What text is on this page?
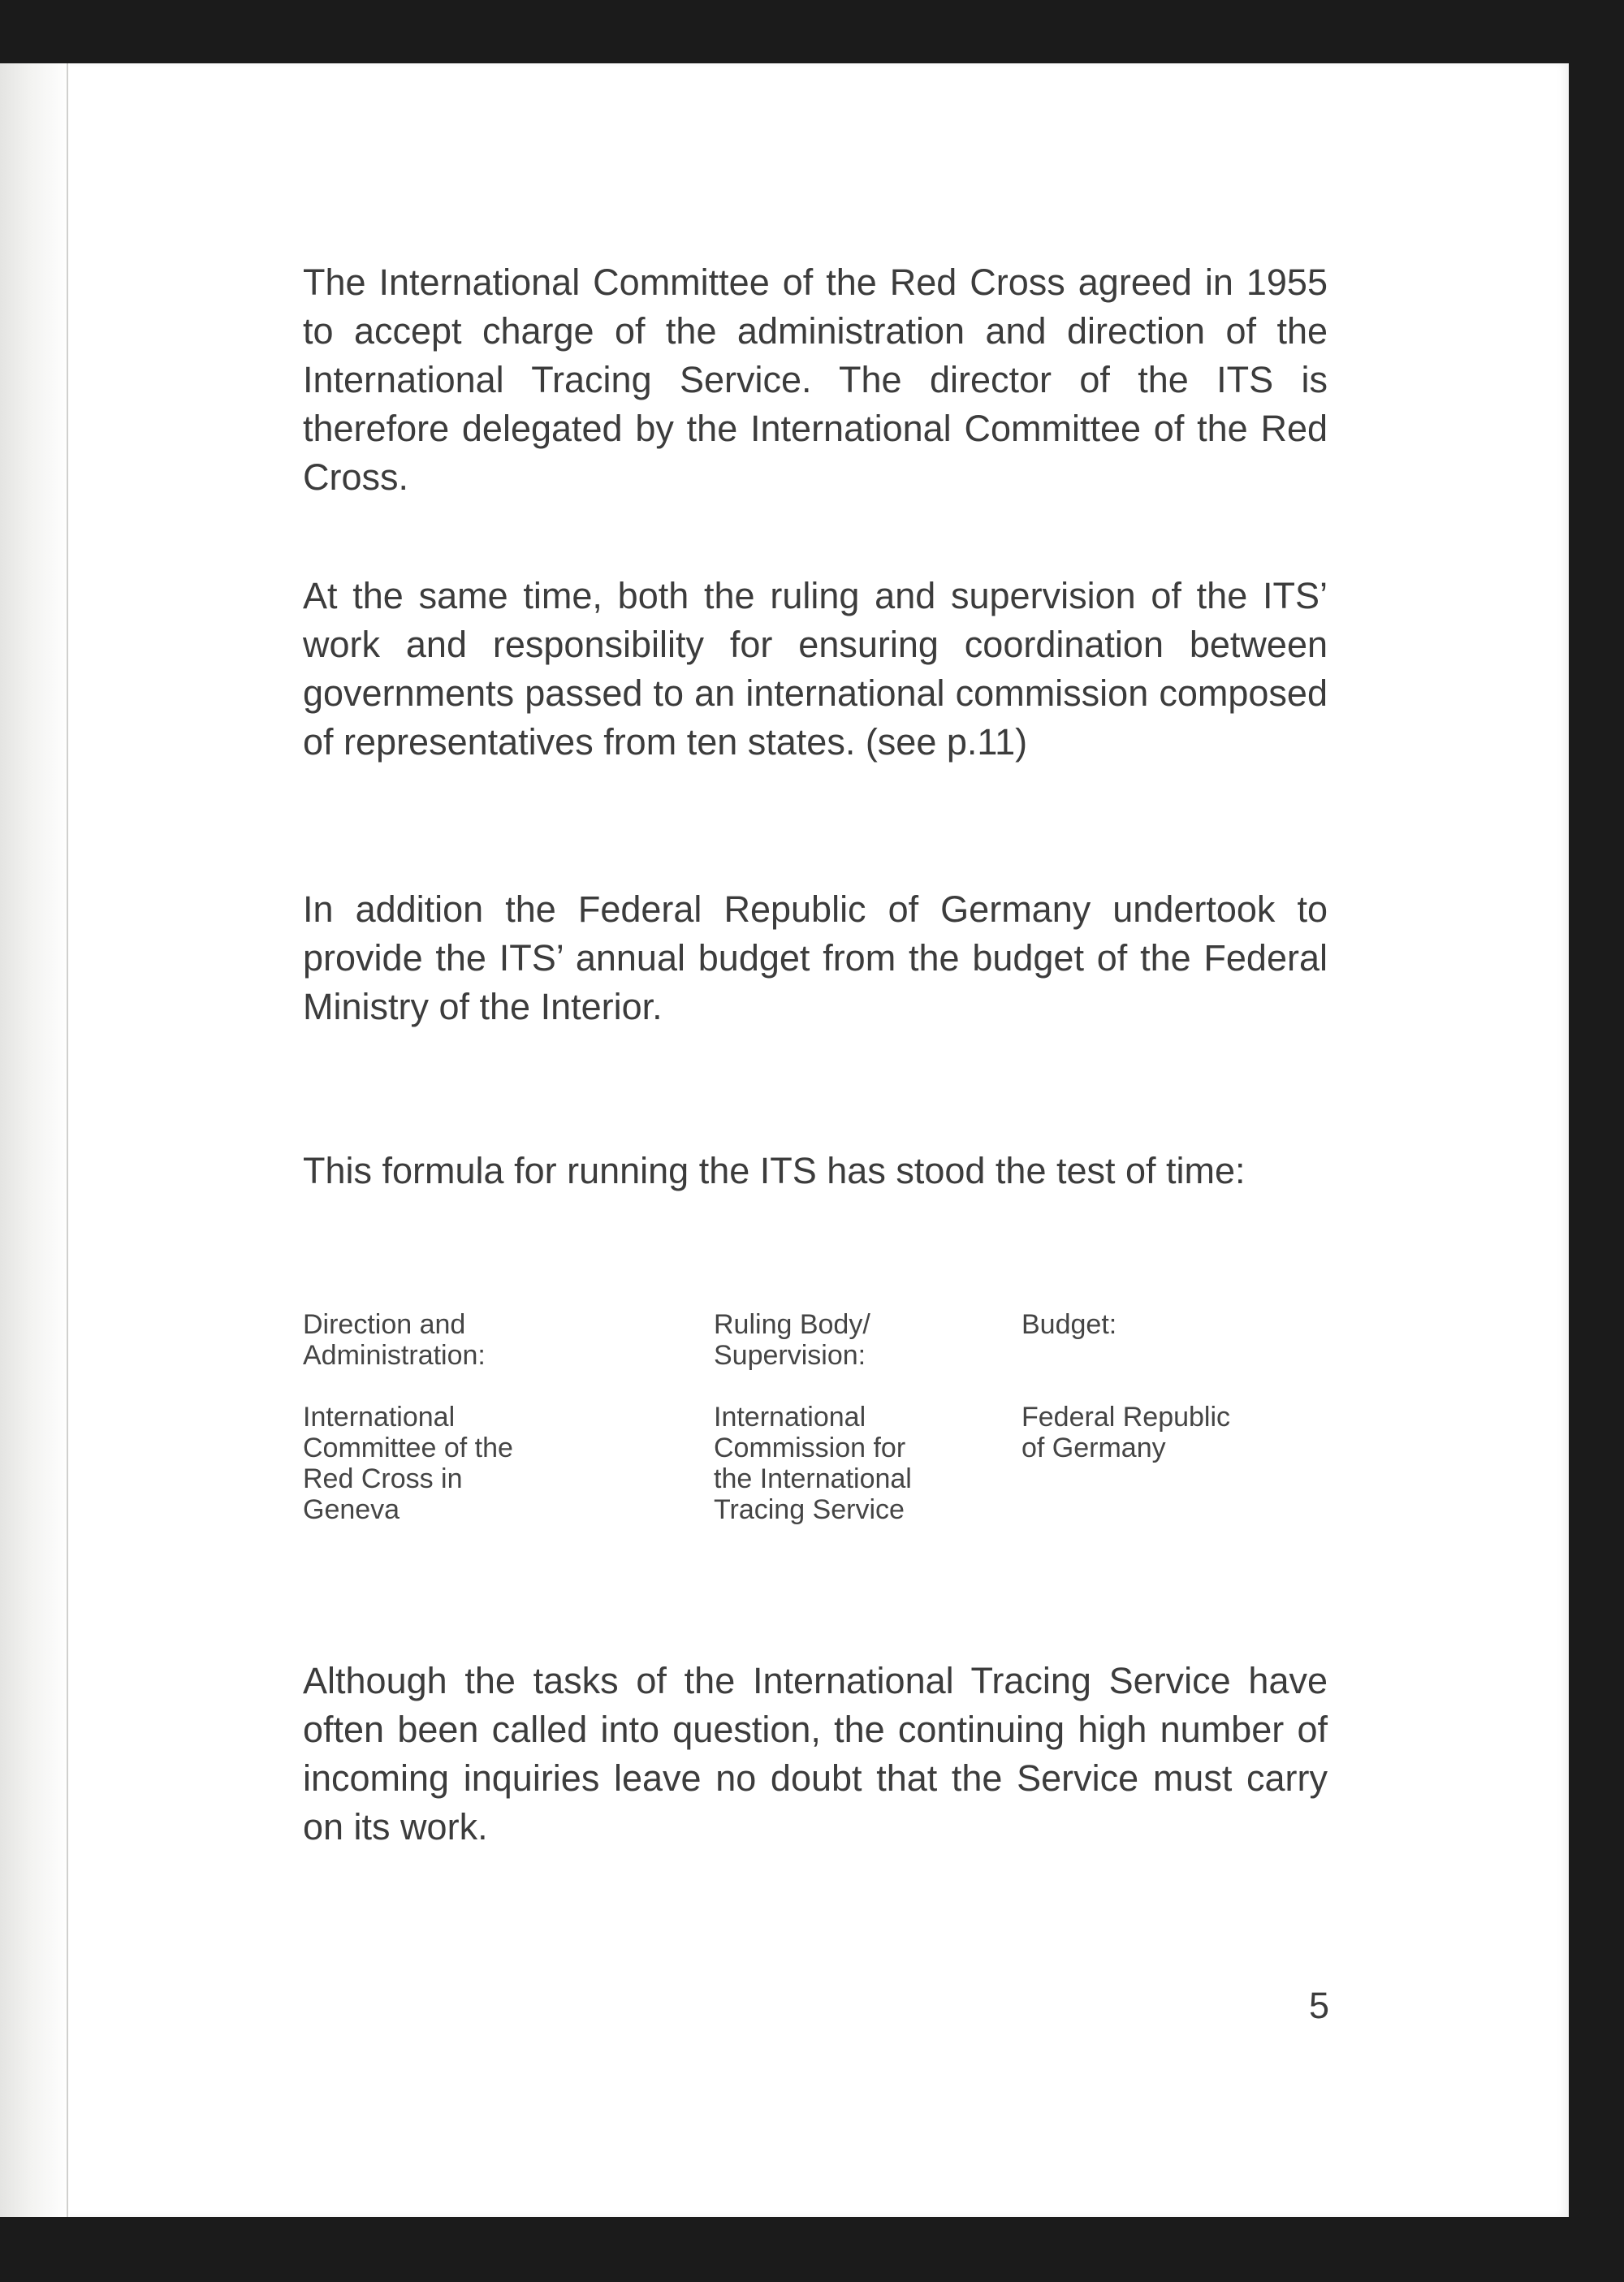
The International Committee of the Red Cross agreed in 1955 to accept charge of the administration and direction of the International Tracing Service. The director of the ITS is therefore delegated by the International Committee of the Red Cross.

At the same time, both the ruling and supervision of the ITS’ work and responsibility for ensuring coordination between governments passed to an international commission composed of representatives from ten states. (see p.11)

In addition the Federal Republic of Germany undertook to provide the ITS’ annual budget from the budget of the Federal Ministry of the Interior.

This formula for running the ITS has stood the test of time:

Direction and
Administration:

International
Committee of the
Red Cross in
Geneva

Ruling Body/
Supervision:

International
Commission for
the International
Tracing Service

Budget:

Federal Republic
of Germany

Although the tasks of the International Tracing Service have often been called into question, the continuing high number of incoming inquiries leave no doubt that the Service must carry on its work.

5
